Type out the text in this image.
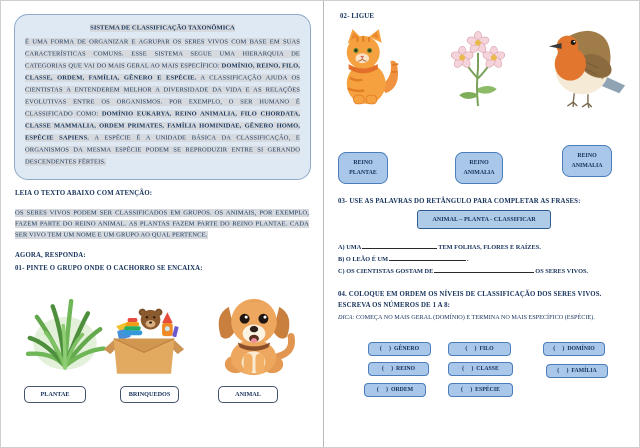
SISTEMA DE CLASSIFICAÇÃO TAXONÔMICA

É UMA FORMA DE ORGANIZAR E AGRUPAR OS SERES VIVOS COM BASE EM SUAS CARACTERÍSTICAS COMUNS. ESSE SISTEMA SEGUE UMA HIERARQUIA DE CATEGORIAS QUE VAI DO MAIS GERAL AO MAIS ESPECÍFICO: DOMÍNIO, REINO, FILO, CLASSE, ORDEM, FAMÍLIA, GÊNERO E ESPÉCIE. A CLASSIFICAÇÃO AJUDA OS CIENTISTAS A ENTENDEREM MELHOR A DIVERSIDADE DA VIDA E AS RELAÇÕES EVOLUTIVAS ENTRE OS ORGANISMOS. POR EXEMPLO, O SER HUMANO É CLASSIFICADO COMO: DOMÍNIO EUKARYA, REINO ANIMALIA, FILO CHORDATA, CLASSE MAMMALIA, ORDEM PRIMATES, FAMÍLIA HOMINIDAE, GÊNERO HOMO, ESPÉCIE SAPIENS. A ESPÉCIE É A UNIDADE BÁSICA DA CLASSIFICAÇÃO, E ORGANISMOS DA MESMA ESPÉCIE PODEM SE REPRODUZIR ENTRE SI GERANDO DESCENDENTES FÉRTEIS.

LEIA O TEXTO ABAIXO COM ATENÇÃO:

OS SERES VIVOS PODEM SER CLASSIFICADOS EM GRUPOS. OS ANIMAIS, POR EXEMPLO, FAZEM PARTE DO REINO ANIMAL. AS PLANTAS FAZEM PARTE DO REINO PLANTAE. CADA SER VIVO TEM UM NOME E UM GRUPO AO QUAL PERTENCE.

AGORA, RESPONDA:
01- PINTE O GRUPO ONDE O CACHORRO SE ENCAIXA:
PLANTAE	BRINQUEDOS	ANIMAL
02- LIGUE
REINO
PLANTAE
REINO
ANIMALIA
REINO
ANIMALIA
03- USE AS PALAVRAS DO RETÂNGULO PARA COMPLETAR AS FRASES:
ANIMAL – PLANTA - CLASSIFICAR
A) UMA	TEM FOLHAS, FLORES E RAÍZES.
B) O LEÃO É UM	.
C) OS CIENTISTAS GOSTAM DE	OS SERES VIVOS.
04. COLOQUE EM ORDEM OS NÍVEIS DE CLASSIFICAÇÃO DOS SERES VIVOS. ESCREVA OS NÚMEROS DE 1 A 8:
DICA: COMEÇA NO MAIS GERAL (DOMÍNIO) E TERMINA NO MAIS ESPECÍFICO (ESPÉCIE).
(     ) GÊNERO	(     ) FILO	(     ) DOMÍNIO
(     ) REINO	(     ) CLASSE	(     ) FAMÍLIA
(     ) ORDEM	(     ) ESPÉCIE
